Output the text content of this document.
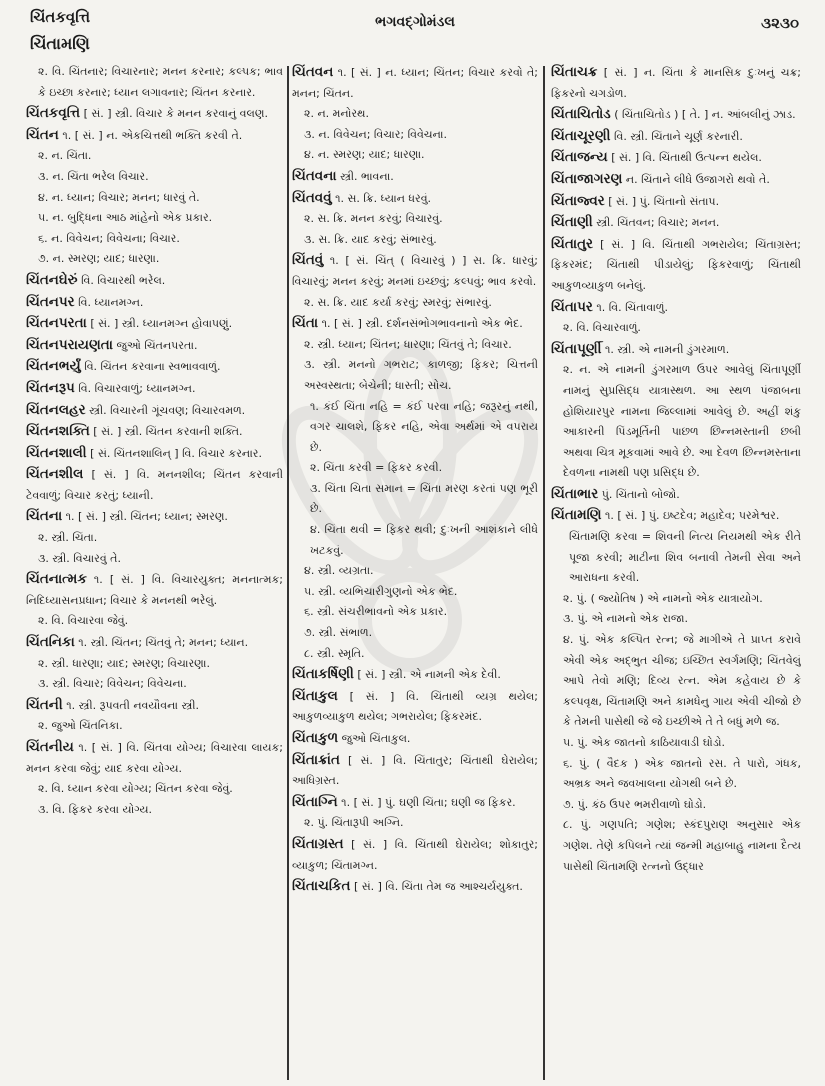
ચિંતકવૃત્તિ
ચિંતામણિ
ભગવદ્ગોમંડલ	૩૨૩૦
૨. વિ. ચિંતનાર; વિચારનાર; મનન કરનાર; કલ્પક; ભાવ કે ઇચ્છા કરનાર; ધ્યાન લગાવનાર; ચિંતન કરનાર.
ચિંતકવૃત્તિ [ સં. ] સ્ત્રી. વિચાર કે મનન કરવાનું વલણ.
ચિંતન ૧. [ સં. ] ન. એકચિત્તથી ભક્તિ કરવી તે.
૨. ન. ચિંતા.
૩. ન. ચિંતા ભરેલ વિચાર.
૪. ન. ધ્યાન; વિચાર; મનન; ધારવું તે.
૫. ન. બુદ્ધિના આઠ માંહેનો એક પ્રકાર.
૬. ન. વિવેચન; વિવેચના; વિચાર.
૭. ન. સ્મરણ; યાદ; ધારણા.
ચિંતનઘેરું વિ. વિચારથી ભરેલ.
ચિંતનપર વિ. ધ્યાનમગ્ન.
ચિંતનપરતા [ સં. ] સ્ત્રી. ધ્યાનમગ્ન હોવાપણું.
ચિંતનપરાયણતા જુઓ ચિંતનપરતા.
ચિંતનભર્યું વિ. ચિંતન કરવાના સ્વભાવવાળું.
ચિંતનરૂપ વિ. વિચારવાળું; ધ્યાનમગ્ન.
ચિંતનલહર સ્ત્રી. વિચારની ગૂંચવણ; વિચારવમળ.
ચિંતનશક્તિ [ સં. ] સ્ત્રી. ચિંતન કરવાની શક્તિ.
ચિંતનશાલી [ સં. ચિંતનશાલિન્ ] વિ. વિચાર કરનાર.
ચિંતનશીલ [ સં. ] વિ. મનનશીલ; ચિંતન કરવાની ટેવવાળું; વિચાર કરતું; ધ્યાની.
ચિંતના ૧. [ સં. ] સ્ત્રી. ચિંતન; ધ્યાન; સ્મરણ.
૨. સ્ત્રી. ચિંતા.
૩. સ્ત્રી. વિચારવું તે.
ચિંતનાત્મક ૧. [ સં. ] વિ. વિચારયુક્ત; મનનાત્મક; નિદિધ્યાસનપ્રધાન; વિચાર કે મનનથી ભરેલું.
૨. વિ. વિચારવા જેવું.
ચિંતનિકા ૧. સ્ત્રી. ચિંતન; ચિંતવું તે; મનન; ધ્યાન.
૨. સ્ત્રી. ધારણા; યાદ; સ્મરણ; વિચારણા.
૩. સ્ત્રી. વિચાર; વિવેચન; વિવેચના.
ચિંતની ૧. સ્ત્રી. રૂપવતી નવયૌવના સ્ત્રી.
૨. જુઓ ચિંતનિકા.
ચિંતનીય ૧. [ સં. ] વિ. ચિંતવા યોગ્ય; વિચારવા લાયક; મનન કરવા જેવું; યાદ કરવા યોગ્ય.
૨. વિ. ધ્યાન કરવા યોગ્ય; ચિંતન કરવા જેવું.
૩. વિ. ફિકર કરવા યોગ્ય.
ચિંતવન ૧. [ સં. ] ન. ધ્યાન; ચિંતન; વિચાર કરવો તે; મનન; ચિંતન.
૨. ન. મનોરથ.
૩. ન. વિવેચન; વિચાર; વિવેચના.
૪. ન. સ્મરણ; યાદ; ધારણા.
ચિંતવના સ્ત્રી. ભાવના.
ચિંતવવું ૧. સ. ક્રિ. ધ્યાન ધરવું.
૨. સ. ક્રિ. મનન કરવું; વિચારવું.
૩. સ. ક્રિ. યાદ કરવું; સંભારવું.
ચિંતવું ૧. [ સં. ચિંત્ ( વિચારવું ) ] સ. ક્રિ. ધારવું; વિચારવું; મનન કરવું; મનમાં ઇચ્છવું; કલ્પવું; ભાવ કરવો.
૨. સ. ક્રિ. યાદ કર્યા કરવું; સ્મરવું; સંભારવું.
ચિંતા ૧. [ સં. ] સ્ત્રી. દર્શનસંભોગભાવનાનો એક ભેદ.
૨. સ્ત્રી. ધ્યાન; ચિંતન; ધારણા; ચિંતવું તે; વિચાર.
૩. સ્ત્રી. મનનો ગભરાટ; કાળજી; ફિકર; ચિત્તની અસ્વસ્થતા; બેચેની; ધાસ્તી; સોચ.
૧. કંઈ ચિંતા નહિ = કંઈ પરવા નહિ; જરૂરનું નથી, વગર ચાલશે, ફિકર નહિ, એવા અર્થમાં એ વપરાય છે.
૨. ચિંતા કરવી = ફિકર કરવી.
૩. ચિંતા ચિતા સમાન = ચિંતા મરણ કરતાં પણ ભૂરી છે.
૪. ચિંતા થવી = ફિકર થવી; દુઃખની આશંકાને લીધે ખટકવું.
૪. સ્ત્રી. વ્યગ્રતા.
૫. સ્ત્રી. વ્યભિચારીગુણનો એક ભેદ.
૬. સ્ત્રી. સંચરીભાવનો એક પ્રકાર.
૭. સ્ત્રી. સંભાળ.
૮. સ્ત્રી. સ્મૃતિ.
ચિંતાકર્ષિણી [ સં. ] સ્ત્રી. એ નામની એક દેવી.
ચિંતાકુલ [ સં. ] વિ. ચિંતાથી વ્યગ્ર થયેલ; આકુળવ્યાકુળ થયેલ; ગભરાયેલ; ફિકરમંદ.
ચિંતાકુળ જુઓ ચિંતાકુલ.
ચિંતાક્રાંત [ સં. ] વિ. ચિંતાતુર; ચિંતાથી ઘેરાયેલ; આધિગ્રસ્ત.
ચિંતાગ્નિ ૧. [ સં. ] પું. ઘણી ચિંતા; ઘણી જ ફિકર.
૨. પું. ચિંતારૂપી અગ્નિ.
ચિંતાગ્રસ્ત [ સં. ] વિ. ચિંતાથી ઘેરાયેલ; શોકાતુર; વ્યાકુળ; ચિંતામગ્ન.
ચિંતાચકિત [ સં. ] વિ. ચિંતા તેમ જ આશ્ચર્યયુક્ત.
ચિંતાચક્ર [ સં. ] ન. ચિંતા કે માનસિક દુઃખનું ચક્ર; ફિકરનો ચગડોળ.
ચિંતાચિતોડ ( ચિંતાચિતોડ ) [ તે. ] ન. આંબલીનું ઝાડ.
ચિંતાચૂરણી વિ. સ્ત્રી. ચિંતાને ચૂર્ણ કરનારી.
ચિંતાજન્ય [ સં. ] વિ. ચિંતાથી ઉત્પન્ન થયેલ.
ચિંતાજાગરણ ન. ચિંતાને લીધે ઉજાગરો થવો તે.
ચિંતાજ્વર [ સં. ] પું. ચિંતાનો સંતાપ.
ચિંતાણી સ્ત્રી. ચિંતવન; વિચાર; મનન.
ચિંતાતુર [ સં. ] વિ. ચિંતાથી ગભરાયેલ; ચિંતાગ્રસ્ત; ફિકરમંદ; ચિંતાથી પીડાયેલું; ફિકરવાળું; ચિંતાથી આકુળવ્યાકુળ બનેલું.
ચિંતાપર ૧. વિ. ચિંતાવાળું.
૨. વિ. વિચારવાળું.
ચિંતાપૂર્ણી ૧. સ્ત્રી. એ નામની ડુંગરમાળ.
૨. ન. એ નામની ડુંગરમાળ ઉપર આવેલું ચિંતાપૂર્ણી નામનું સુપ્રસિદ્ધ યાત્રાસ્થળ. આ સ્થળ પંજાબના હોશિયારપુર નામના જિલ્લામાં આવેલું છે. અહીં શંકુ આકારની પિંડમૂર્તિની પાછળ છિન્નમસ્તાની છબી અથવા ચિત્ર મૂકવામાં આવે છે. આ દેવળ છિન્નમસ્તાના દેવળના નામથી પણ પ્રસિદ્ધ છે.
ચિંતાભાર પું. ચિંતાનો બોજો.
ચિંતામણિ ૧. [ સં. ] પું. ઇષ્ટદેવ; મહાદેવ; પરમેશ્વર.
ચિંતામણિ કરવા = શિવની નિત્ય નિયમથી એક રીતે પૂજા કરવી; માટીના શિવ બનાવી તેમની સેવા અને આરાધના કરવી.
૨. પું. ( જ્યોતિષ ) એ નામનો એક યાત્રાયોગ.
૩. પું. એ નામનો એક રાજા.
૪. પું. એક કલ્પિત રત્ન; જે માગીએ તે પ્રાપ્ત કરાવે એવી એક અદ્ભુત ચીજ; ઇચ્છિત સ્વર્ગમણિ; ચિંતવેલું આપે તેવો મણિ; દિવ્ય રત્ન. એમ કહેવાય છે કે કલ્પવૃક્ષ, ચિંતામણિ અને કામધેનુ ગાય એવી ચીજો છે કે તેમની પાસેથી જે જે ઇચ્છીએ તે તે બધું મળે જ.
૫. પું. એક જાતનો કાઠિયાવાડી ઘોડો.
૬. પું. ( વૈદક ) એક જાતનો રસ. તે પારો, ગંધક, અભ્રક અને જવખાલના યોગથી બને છે.
૭. પું. કંઠ ઉપર ભમરીવાળો ઘોડો.
૮. પું. ગણપતિ; ગણેશ; સ્કંદપુરાણ અનુસાર એક ગણેશ. તેણે કપિલને ત્યાં જન્મી મહાબાહુ નામના દૈત્ય પાસેથી ચિંતામણિ રત્નનો ઉદ્ધાર
